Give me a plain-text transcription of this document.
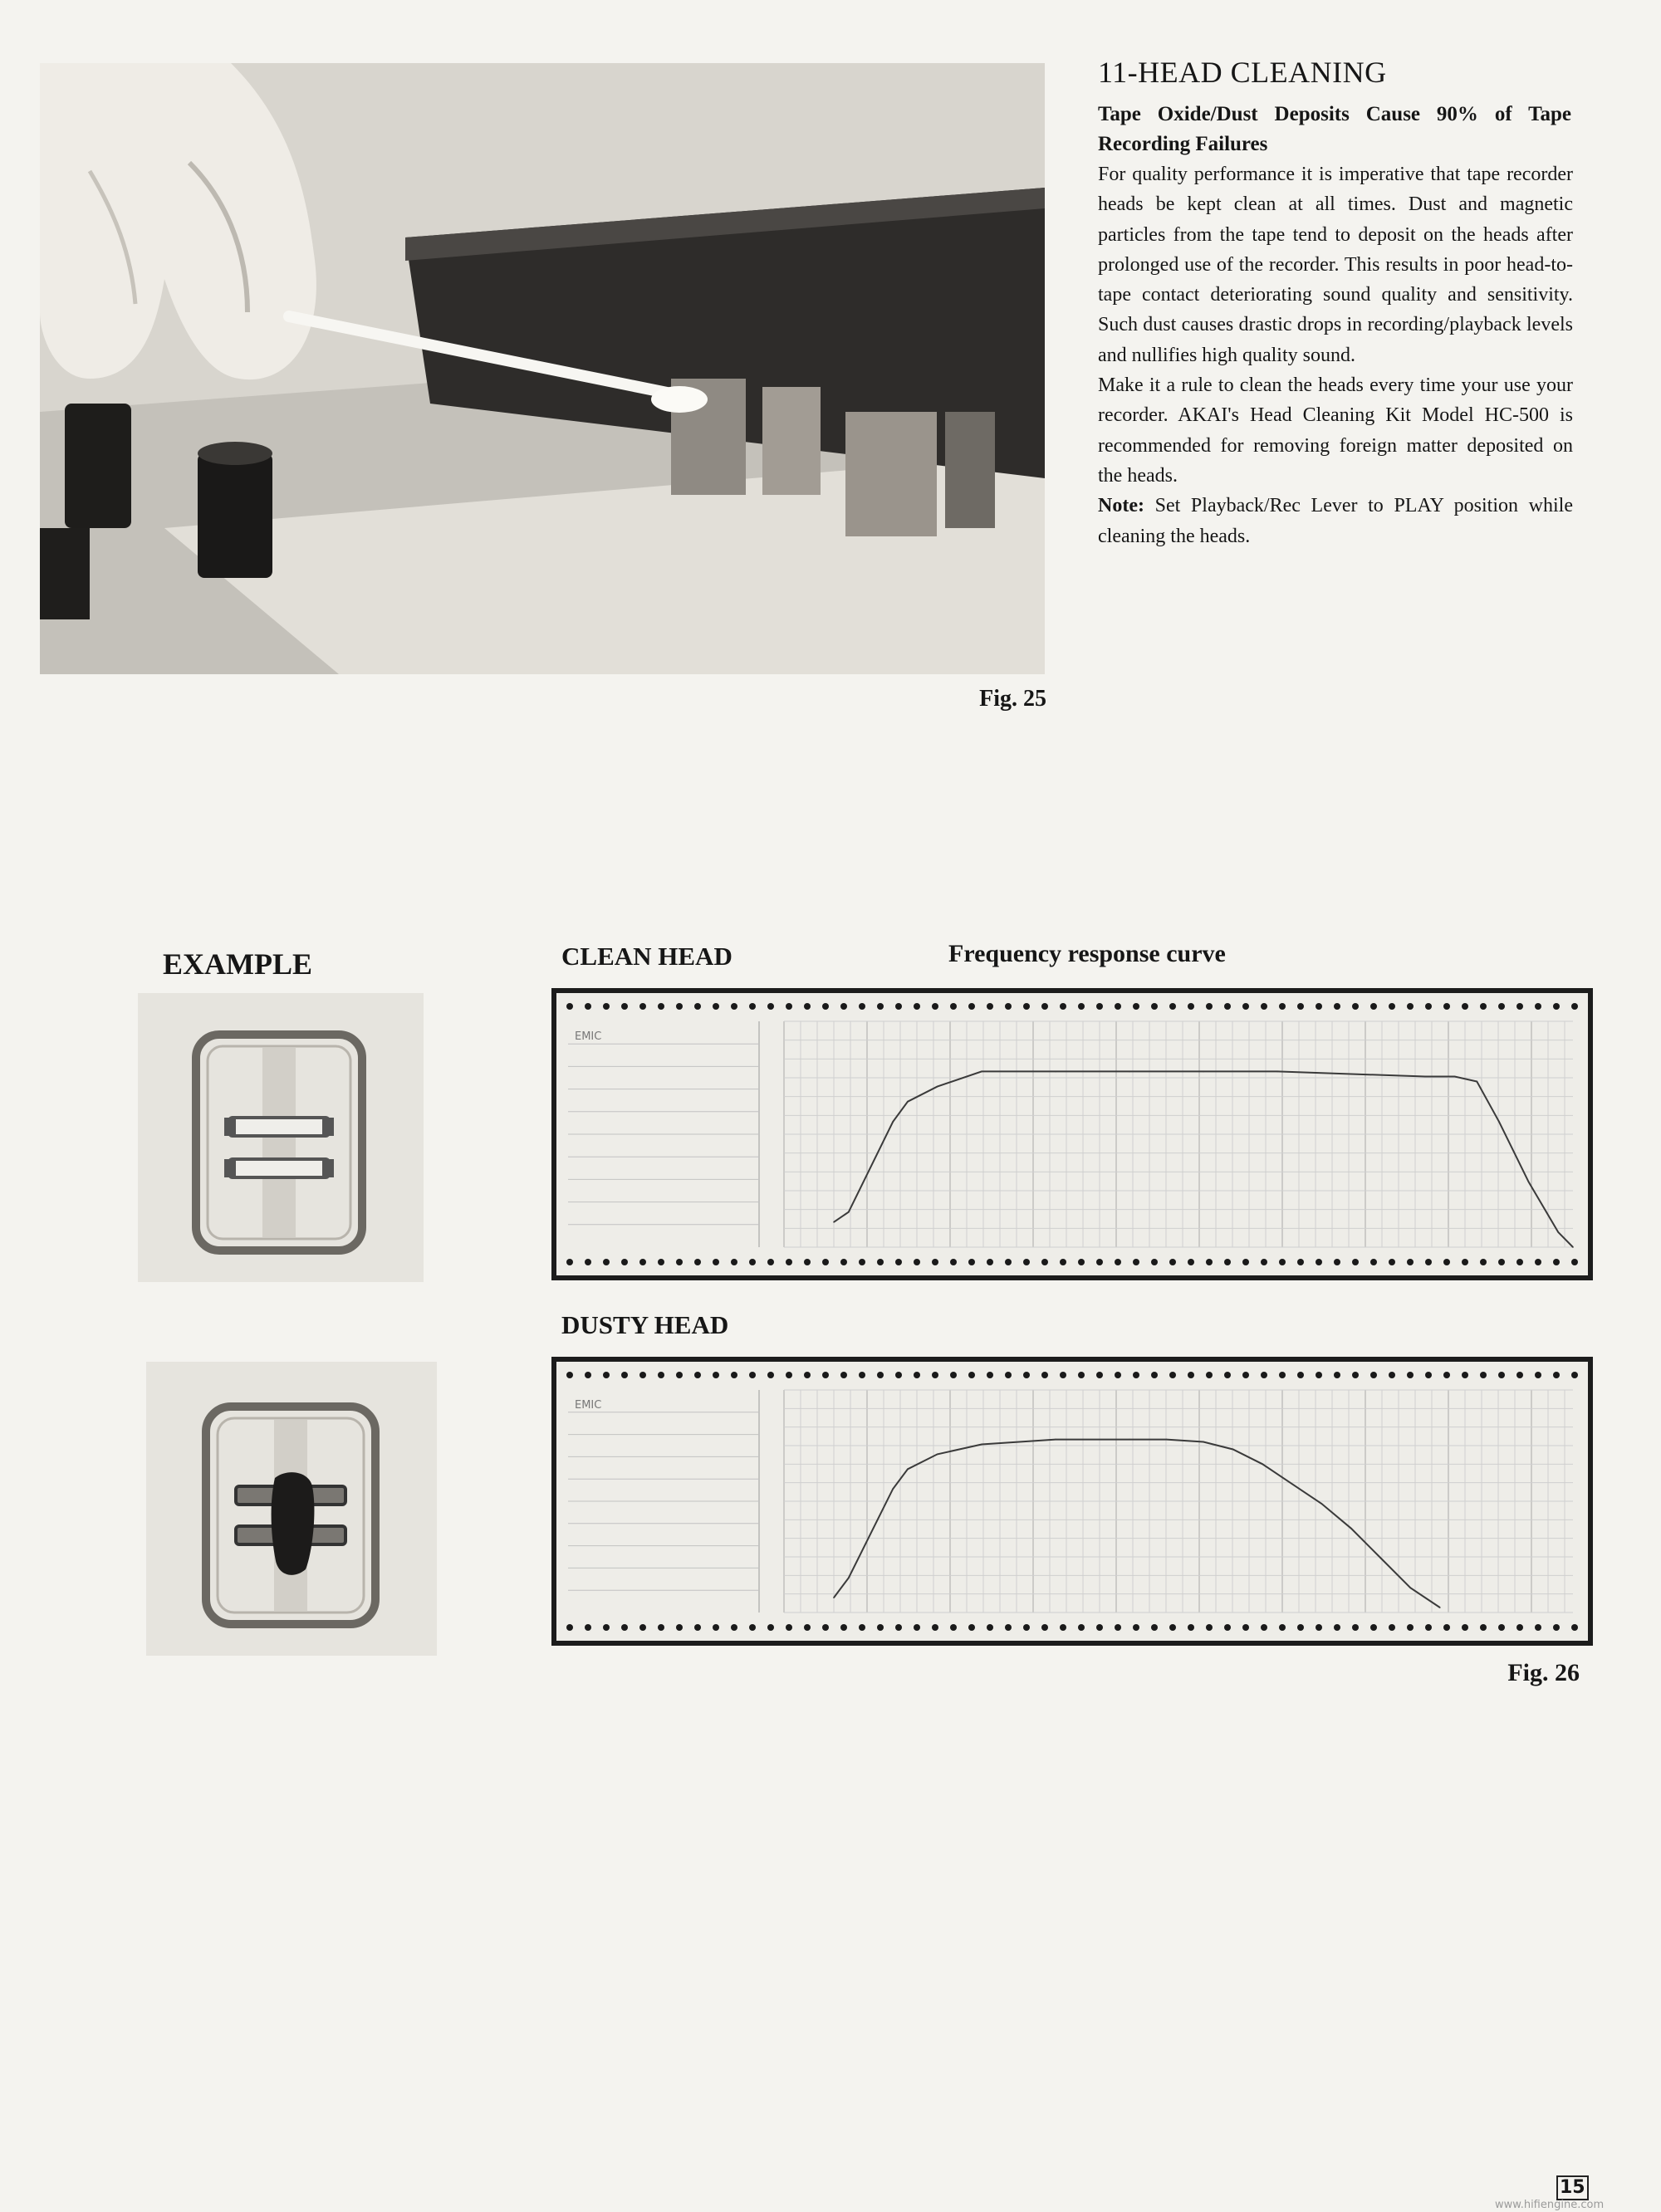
Fig. 25
11-HEAD CLEANING
Tape Oxide/Dust Deposits Cause 90% of Tape Recording Failures

For quality performance it is imperative that tape recorder heads be kept clean at all times. Dust and magnetic particles from the tape tend to deposit on the heads after prolonged use of the recorder. This results in poor head-to-tape contact deteriorating sound quality and sensitivity. Such dust causes drastic drops in recording/playback levels and nullifies high quality sound.

Make it a rule to clean the heads every time your use your recorder. AKAI's Head Cleaning Kit Model HC-500 is recommended for removing foreign matter deposited on the heads.

Note: Set Playback/Rec Lever to PLAY position while cleaning the heads.

EXAMPLE	CLEAN HEAD	Frequency response curve
DUSTY HEAD
EMIC
EMIC
Fig. 26
15
www.hifiengine.com
